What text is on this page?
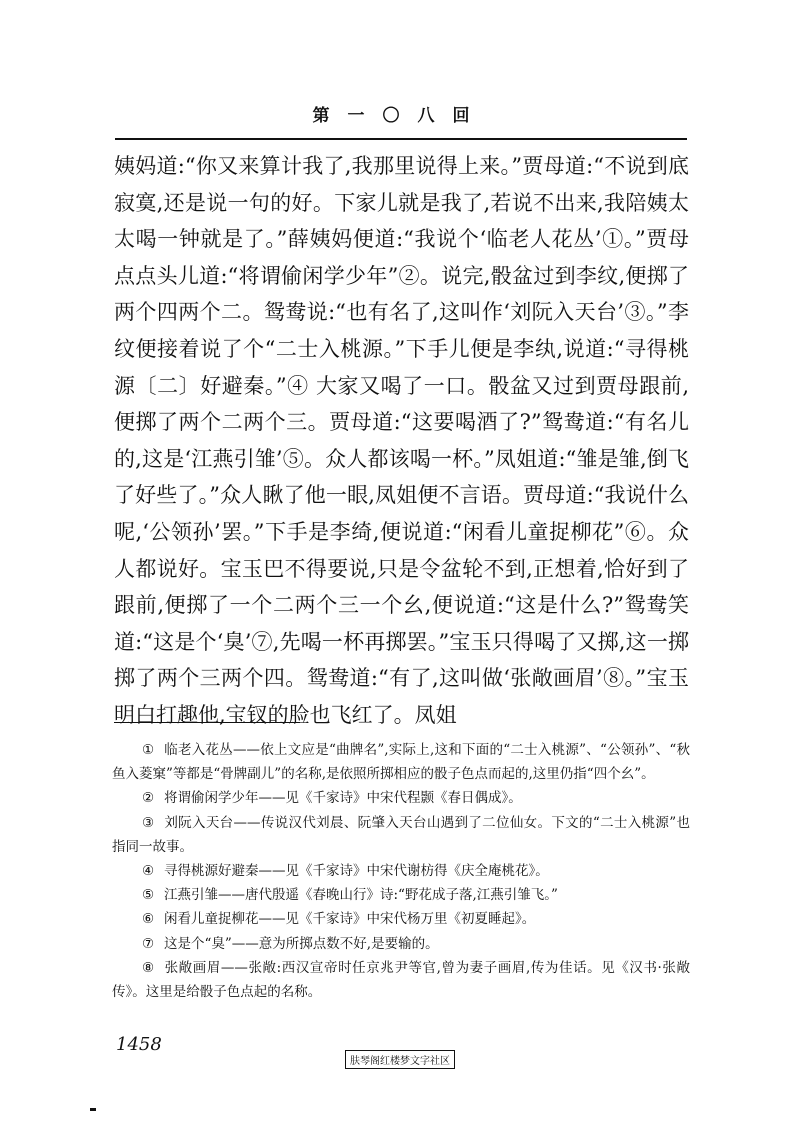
第一〇八回

姨妈道:“你又来算计我了,我那里说得上来。”贾母道:“不说到底寂寞,还是说一句的好。下家儿就是我了,若说不出来,我陪姨太太喝一钟就是了。”薛姨妈便道:“我说个‘临老人花丛’①。”贾母点点头儿道:“将谓偷闲学少年”②。说完,骰盆过到李纹,便掷了两个四两个二。鸳鸯说:“也有名了,这叫作‘刘阮入天台’③。”李纹便接着说了个“二士入桃源。”下手儿便是李纨,说道:“寻得桃源〔二〕好避秦。”④ 大家又喝了一口。骰盆又过到贾母跟前,便掷了两个二两个三。贾母道:“这要喝酒了?”鸳鸯道:“有名儿的,这是‘江燕引雏’⑤。众人都该喝一杯。”凤姐道:“雏是雏,倒飞了好些了。”众人瞅了他一眼,凤姐便不言语。贾母道:“我说什么呢,‘公领孙’罢。”下手是李绮,便说道:“闲看儿童捉柳花”⑥。众人都说好。宝玉巴不得要说,只是令盆轮不到,正想着,恰好到了跟前,便掷了一个二两个三一个幺,便说道:“这是什么?”鸳鸯笑道:“这是个‘臭’⑦,先喝一杯再掷罢。”宝玉只得喝了又掷,这一掷掷了两个三两个四。鸳鸯道:“有了,这叫做‘张敞画眉’⑧。”宝玉明白打趣他,宝钗的脸也飞红了。凤姐

① 临老入花丛——依上文应是“曲牌名”,实际上,这和下面的“二士入桃源”、“公领孙”、“秋鱼入菱窠”等都是“骨牌副儿”的名称,是依照所掷相应的骰子色点而起的,这里仍指“四个幺”。

② 将谓偷闲学少年——见《千家诗》中宋代程颢《春日偶成》。

③ 刘阮入天台——传说汉代刘晨、阮肇入天台山遇到了二位仙女。下文的“二士入桃源”也指同一故事。

④ 寻得桃源好避秦——见《千家诗》中宋代谢枋得《庆全庵桃花》。

⑤ 江燕引雏——唐代殷遥《春晚山行》诗:“野花成子落,江燕引雏飞。”

⑥ 闲看儿童捉柳花——见《千家诗》中宋代杨万里《初夏睡起》。

⑦ 这是个“臭”——意为所掷点数不好,是要输的。

⑧ 张敞画眉——张敞:西汉宣帝时任京兆尹等官,曾为妻子画眉,传为佳话。见《汉书·张敞传》。这里是给骰子色点起的名称。

1458
肤琴阁红楼梦文字社区
